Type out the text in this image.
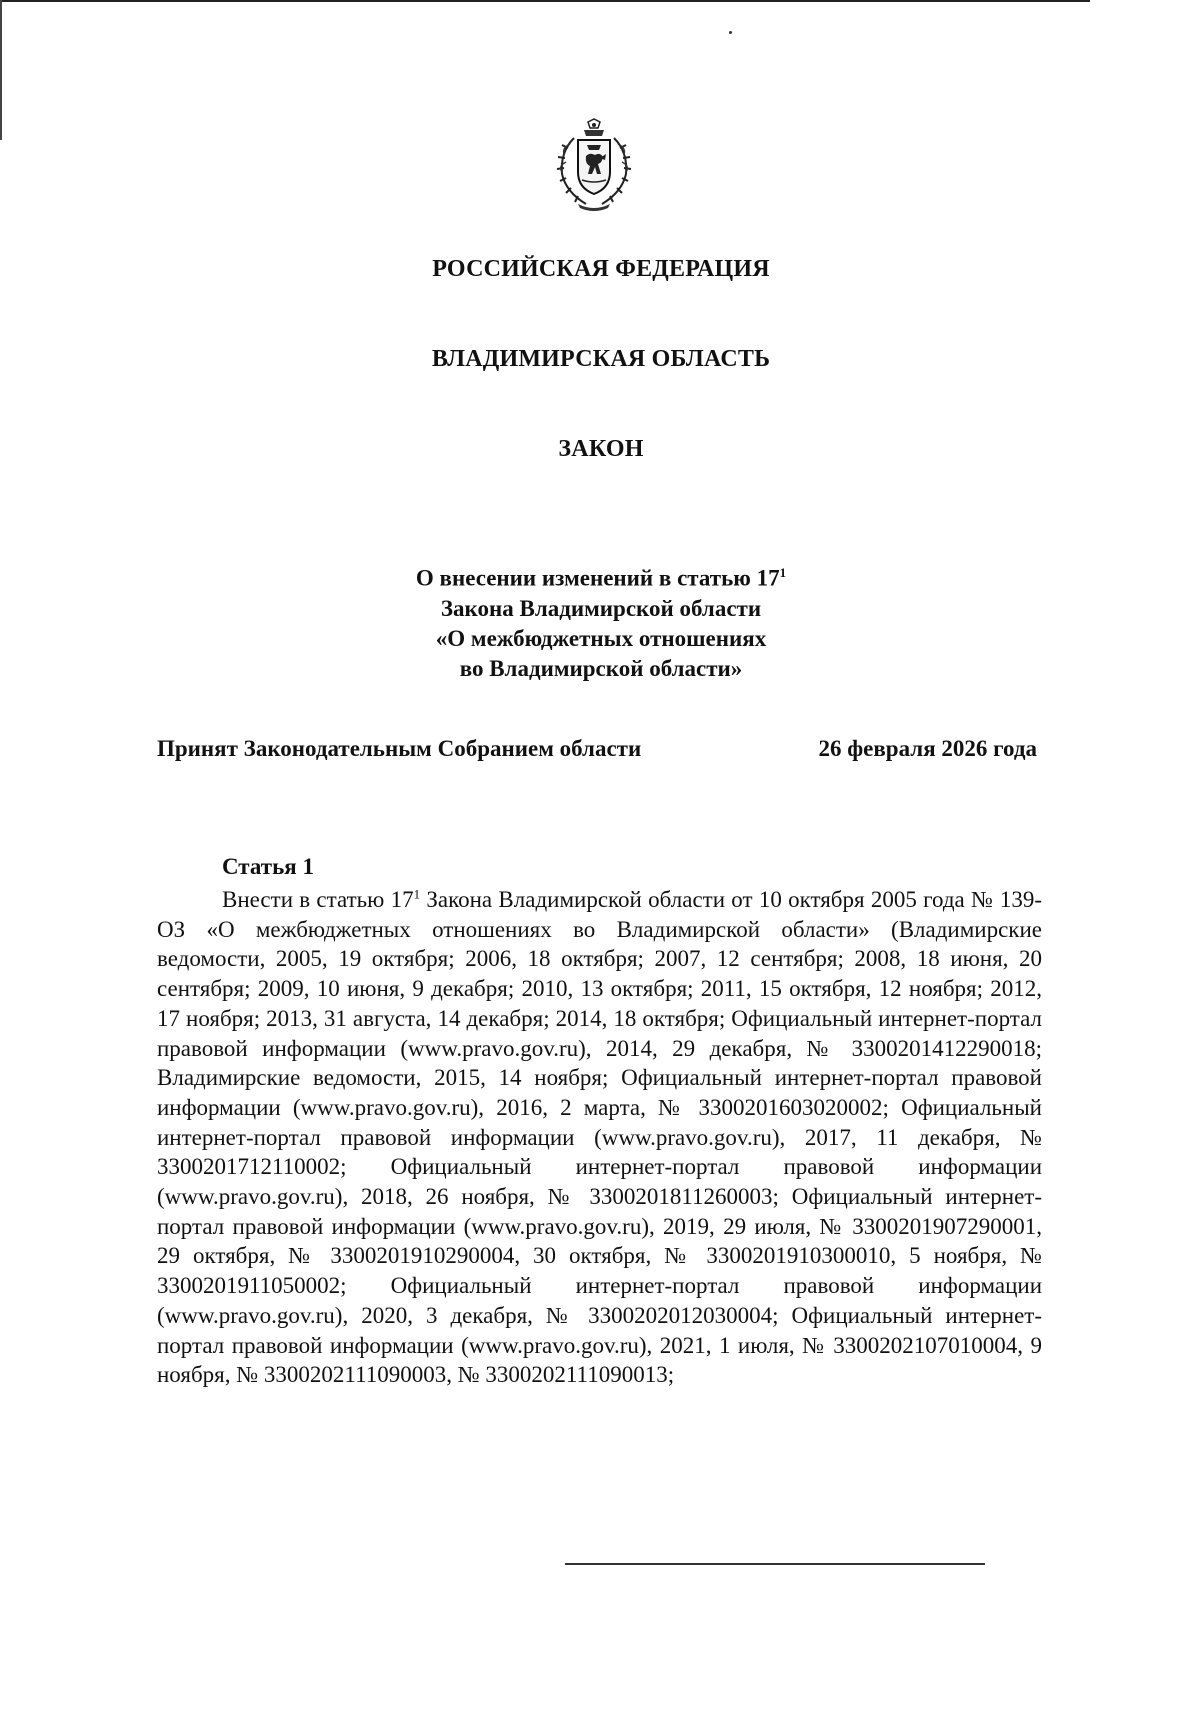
РОССИЙСКАЯ ФЕДЕРАЦИЯ
ВЛАДИМИРСКАЯ ОБЛАСТЬ
ЗАКОН
О внесении изменений в статью $17^1$
Закона Владимирской области
«О межбюджетных отношениях
во Владимирской области»
Принят Законодательным Собранием области	26 февраля 2026 года
Статья 1
Внести в статью $17^1$ Закона Владимирской области от 10 октября 2005 года № 139-ОЗ «О межбюджетных отношениях во Владимирской области» (Владимирские ведомости, 2005, 19 октября; 2006, 18 октября; 2007, 12 сентября; 2008, 18 июня, 20 сентября; 2009, 10 июня, 9 декабря; 2010, 13 октября; 2011, 15 октября, 12 ноября; 2012, 17 ноября; 2013, 31 августа, 14 декабря; 2014, 18 октября; Официальный интернет-портал правовой информации (www.pravo.gov.ru), 2014, 29 декабря, № 3300201412290018; Владимирские ведомости, 2015, 14 ноября; Официальный интернет-портал правовой информации (www.pravo.gov.ru), 2016, 2 марта, № 3300201603020002; Официальный интернет-портал правовой информации (www.pravo.gov.ru), 2017, 11 декабря, № 3300201712110002; Официальный интернет-портал правовой информации (www.pravo.gov.ru), 2018, 26 ноября, № 3300201811260003; Официальный интернет-портал правовой информации (www.pravo.gov.ru), 2019, 29 июля, № 3300201907290001, 29 октября, № 3300201910290004, 30 октября, № 3300201910300010, 5 ноября, № 3300201911050002; Официальный интернет-портал правовой информации (www.pravo.gov.ru), 2020, 3 декабря, № 3300202012030004; Официальный интернет-портал правовой информации (www.pravo.gov.ru), 2021, 1 июля, № 3300202107010004, 9 ноября, № 3300202111090003, № 3300202111090013;
